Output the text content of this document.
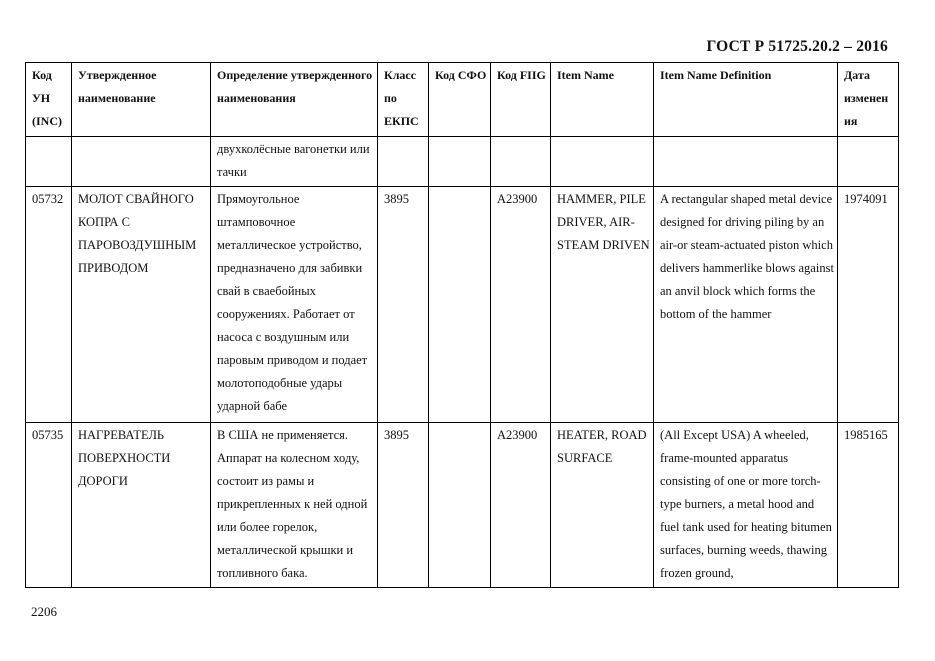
ГОСТ Р 51725.20.2 – 2016
Код УН (INC)	Утвержденное наименование	Определение утвержденного наименования	Класс по ЕКПС	Код СФО	Код FIIG	Item Name	Item Name Definition	Дата изменения
		двухколёсные вагонетки или тачки						
05732	МОЛОТ СВАЙНОГО КОПРА С ПАРОВОЗДУШНЫМ ПРИВОДОМ	Прямоугольное штамповочное металлическое устройство, предназначено для забивки свай в свaебойных сооружениях. Работает от насоса с воздушным или паровым приводом и подает молотоподобные удары ударной бабе	3895		A23900	HAMMER, PILE DRIVER, AIR-STEAM DRIVEN	A rectangular shaped metal device designed for driving piling by an air-or steam-actuated piston which delivers hammerlike blows against an anvil block which forms the bottom of the hammer	1974091
05735	НАГРЕВАТЕЛЬ ПОВЕРХНОСТИ ДОРОГИ	В США не применяется. Аппарат на колесном ходу, состоит из рамы и прикрепленных к ней одной или более горелок, металлической крышки и топливного бака.	3895		A23900	HEATER, ROAD SURFACE	(All Except USA) A wheeled, frame-mounted apparatus consisting of one or more torch-type burners, a metal hood and fuel tank used for heating bitumen surfaces, burning weeds, thawing frozen ground,	1985165
2206
